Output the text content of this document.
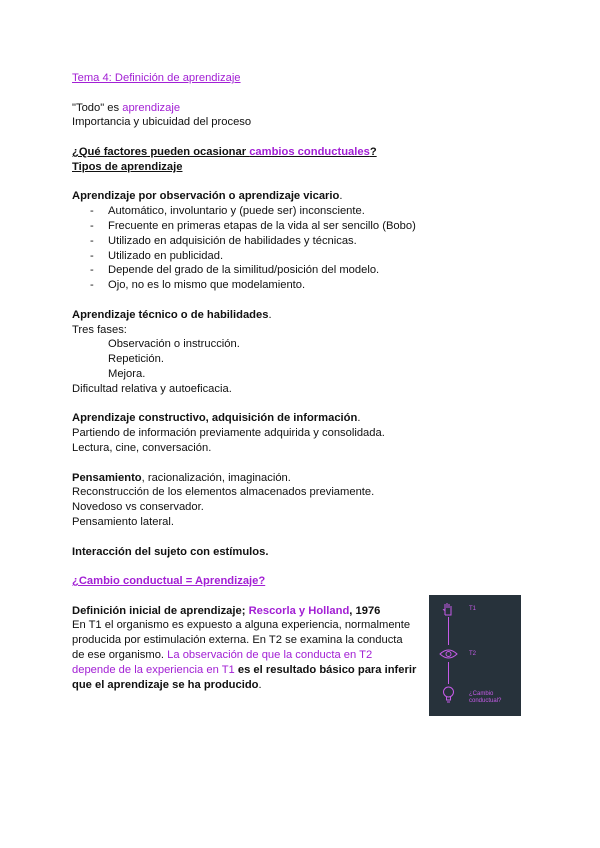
Tema 4: Definición de aprendizaje

"Todo" es aprendizaje

Importancia y ubicuidad del proceso

¿Qué factores pueden ocasionar cambios conductuales?

Tipos de aprendizaje

Aprendizaje por observación o aprendizaje vicario.

- Automático, involuntario y (puede ser) inconsciente.
- Frecuente en primeras etapas de la vida al ser sencillo (Bobo)
- Utilizado en adquisición de habilidades y técnicas.
- Utilizado en publicidad.
- Depende del grado de la similitud/posición del modelo.
- Ojo, no es lo mismo que modelamiento.

Aprendizaje técnico o de habilidades.

Tres fases:

Observación o instrucción.

Repetición.

Mejora.

Dificultad relativa y autoeficacia.

Aprendizaje constructivo, adquisición de información.

Partiendo de información previamente adquirida y consolidada.

Lectura, cine, conversación.

Pensamiento, racionalización, imaginación.

Reconstrucción de los elementos almacenados previamente.

Novedoso vs conservador.

Pensamiento lateral.

Interacción del sujeto con estímulos.

¿Cambio conductual = Aprendizaje?

Definición inicial de aprendizaje; Rescorla y Holland, 1976

En T1 el organismo es expuesto a alguna experiencia, normalmente producida por estimulación externa. En T2 se examina la conducta de ese organismo. La observación de que la conducta en T2 depende de la experiencia en T1 es el resultado básico para inferir que el aprendizaje se ha producido.

T1
T2
¿Cambio
conductual?
